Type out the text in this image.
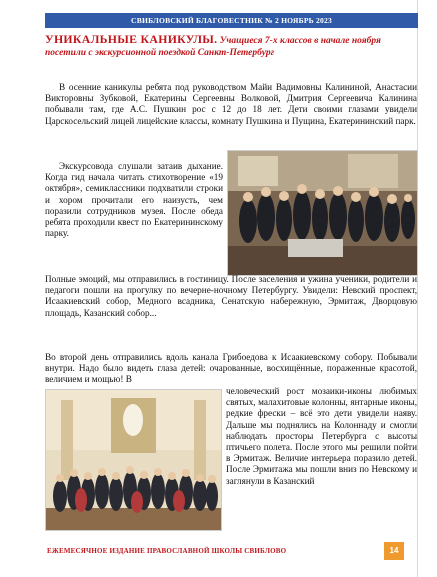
СВИБЛОВСКИЙ БЛАГОВЕСТНИК № 2 НОЯБРЬ 2023
УНИКАЛЬНЫЕ КАНИКУЛЫ. Учащиеся 7-х классов в начале ноября посетили с экскурсионной поездкой Санкт-Петербург

В осенние каникулы ребята под руководством Майи Вадимовны Калининой, Анастасии Викторовны Зубковой, Екатерины Сергеевны Волковой, Дмитрия Сергеевича Калинина побывали там, где А.С. Пушкин рос с 12 до 18 лет. Дети своими глазами увидели Царскосельский лицей лицейские классы, комнату Пушкина и Пущина, Екатерининский парк.

Экскурсовода слушали затаив дыхание. Когда гид начала читать стихотворение «19 октября», семиклассники подхватили строки и хором прочитали его наизусть, чем поразили сотрудников музея. После обеда ребята проходили квест по Екатерининскому парку.

Полные эмоций, мы отправились в гостиницу. После заселения и ужина ученики, родители и педагоги пошли на прогулку по вечерне-ночному Петербургу. Увидели: Невский проспект, Исаакиевский собор, Медного всадника, Сенатскую набережную, Эрмитаж, Дворцовую площадь, Казанский собор...

Во второй день отправились вдоль канала Грибоедова к Исаакиевскому собору. Побывали внутри. Надо было видеть глаза детей: очарованные, восхищённые, пораженные красотой, величием и мощью! В

человеческий рост мозаики-иконы любимых святых, малахитовые колонны, янтарные иконы, редкие фрески – всё это дети увидели наяву. Дальше мы поднялись на Колоннаду и смогли наблюдать просторы Петербурга с высоты птичьего полета. После этого мы решили пойти в Эрмитаж. Величие интерьера поразило детей. После Эрмитажа мы пошли вниз по Невскому и заглянули в Казанский

ЕЖЕМЕСЯЧНОЕ ИЗДАНИЕ ПРАВОСЛАВНОЙ ШКОЛЫ СВИБЛОВО	14
